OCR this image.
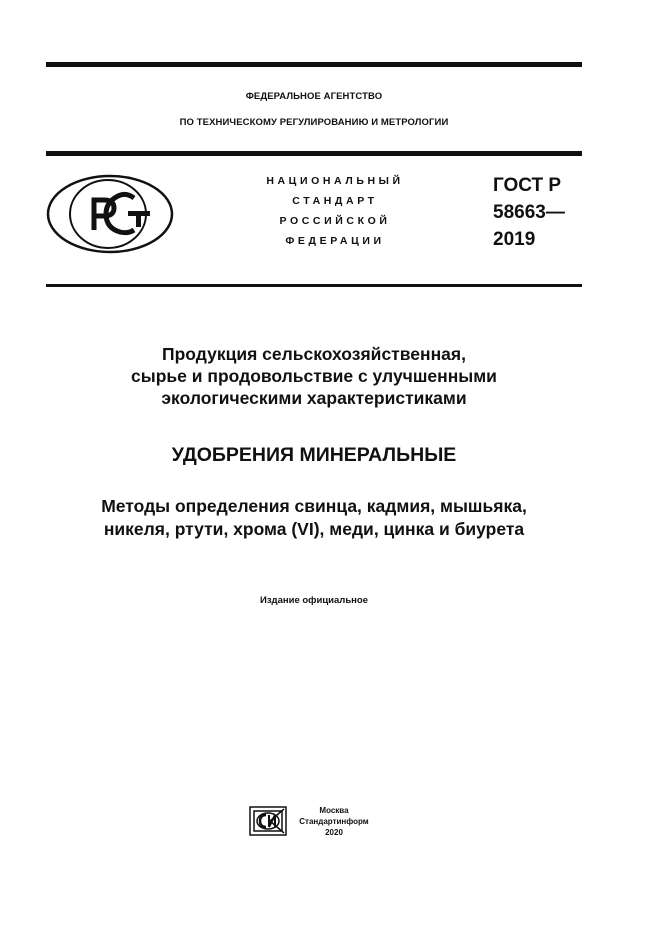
ФЕДЕРАЛЬНОЕ АГЕНТСТВО
ПО ТЕХНИЧЕСКОМУ РЕГУЛИРОВАНИЮ И МЕТРОЛОГИИ
НАЦИОНАЛЬНЫЙ
СТАНДАРТ
РОССИЙСКОЙ
ФЕДЕРАЦИИ
ГОСТ Р
58663—
2019
Продукция сельскохозяйственная,
сырье и продовольствие с улучшенными
экологическими характеристиками
УДОБРЕНИЯ МИНЕРАЛЬНЫЕ
Методы определения свинца, кадмия, мышьяка,
никеля, ртути, хрома (VI), меди, цинка и биурета
Издание официальное
Москва
Стандартинформ
2020
